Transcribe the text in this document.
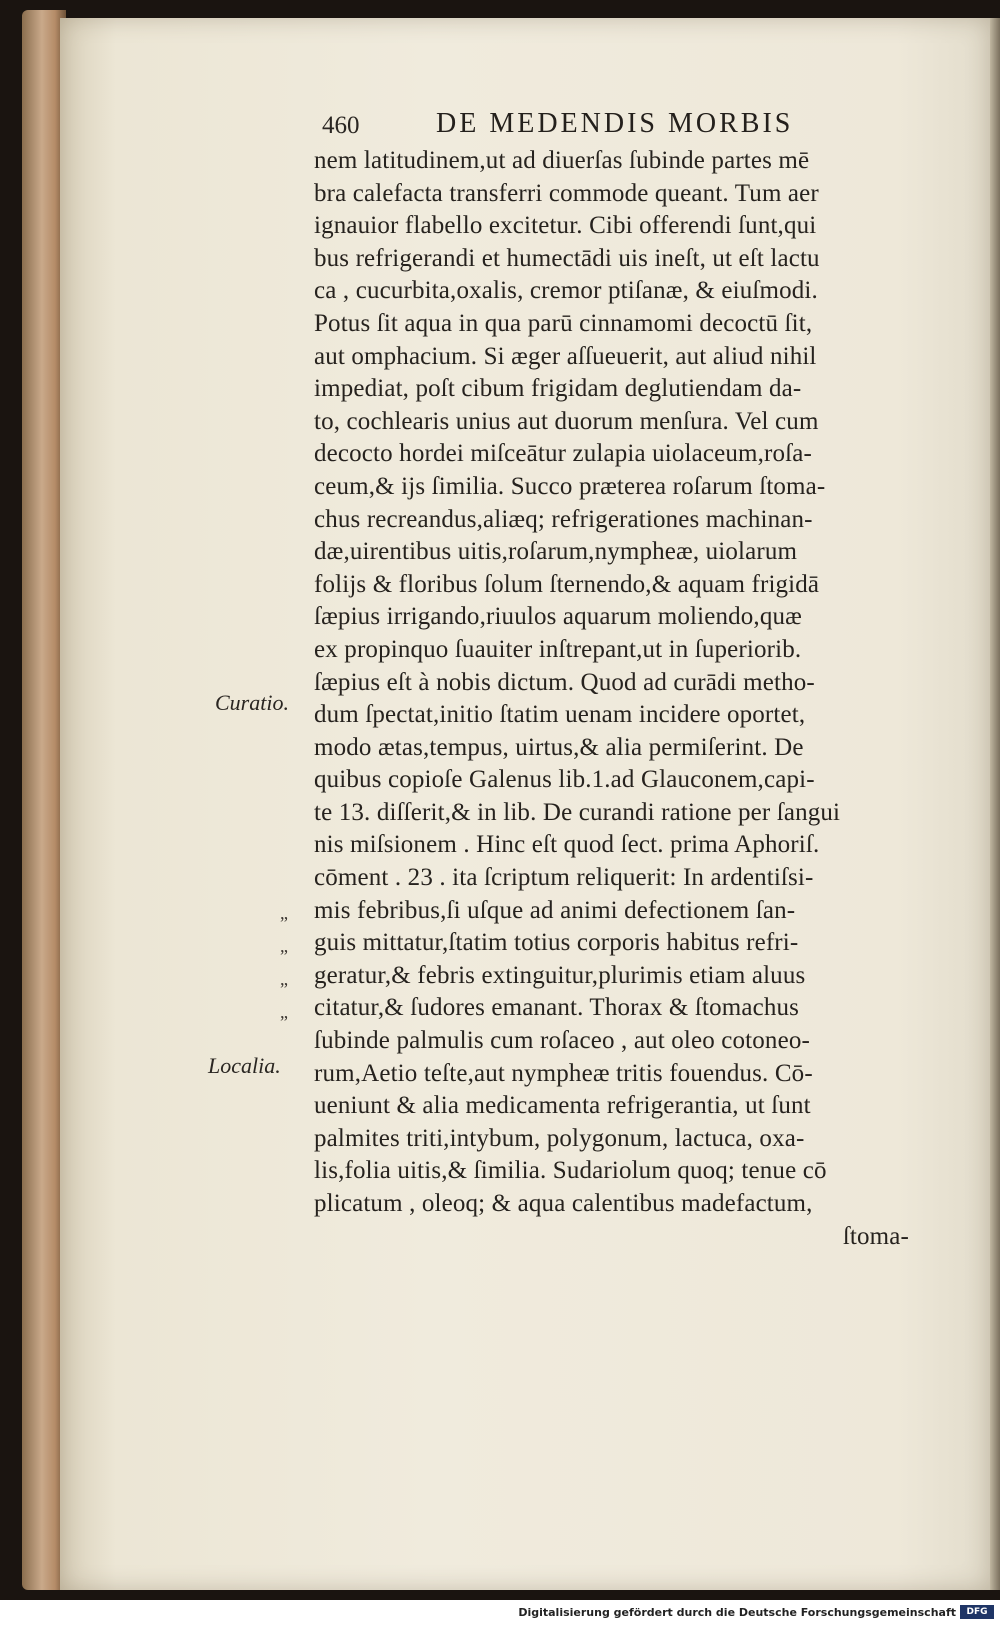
460	DE MEDENDIS MORBIS
nem latitudinem,ut ad diuerſas ſubinde partes mē
bra calefacta transferri commode queant. Tum aer
ignauior flabello excitetur. Cibi offerendi ſunt,qui
bus refrigerandi et humectādi uis ineſt, ut eſt lactu
ca , cucurbita,oxalis, cremor ptiſanæ, & eiuſmodi.
Potus ſit aqua in qua parū cinnamomi decoctū ſit,
aut omphacium. Si æger aſſueuerit, aut aliud nihil
impediat, poſt cibum frigidam deglutiendam da-
to, cochlearis unius aut duorum menſura. Vel cum
decocto hordei miſceātur zulapia uiolaceum,roſa-
ceum,& ijs ſimilia. Succo præterea roſarum ſtoma-
chus recreandus,aliæq; refrigerationes machinan-
dæ,uirentibus uitis,roſarum,nympheæ, uiolarum
folijs & floribus ſolum ſternendo,& aquam frigidā
ſæpius irrigando,riuulos aquarum moliendo,quæ
ex propinquo ſuauiter inſtrepant,ut in ſuperiorib.
ſæpius eſt à nobis dictum. Quod ad curādi metho-
dum ſpectat,initio ſtatim uenam incidere oportet,
modo ætas,tempus, uirtus,& alia permiſerint. De
quibus copioſe Galenus lib.1.ad Glauconem,capi-
te 13. diſſerit,& in lib. De curandi ratione per ſangui
nis miſsionem . Hinc eſt quod ſect. prima Aphoriſ.
cōment . 23 . ita ſcriptum reliquerit: In ardentiſsi-
mis febribus,ſi uſque ad animi defectionem ſan-
guis mittatur,ſtatim totius corporis habitus refri-
geratur,& febris extinguitur,plurimis etiam aluus
citatur,& ſudores emanant. Thorax & ſtomachus
ſubinde palmulis cum roſaceo , aut oleo cotoneo-
rum,Aetio teſte,aut nympheæ tritis fouendus. Cō-
ueniunt & alia medicamenta refrigerantia, ut ſunt
palmites triti,intybum, polygonum, lactuca, oxa-
lis,folia uitis,& ſimilia. Sudariolum quoq; tenue cō
plicatum , oleoq; & aqua calentibus madefactum,
ſtoma-
Curatio.
Localia.
”
”
”
”
Digitalisierung gefördert durch die Deutsche Forschungsgemeinschaft	DFG
